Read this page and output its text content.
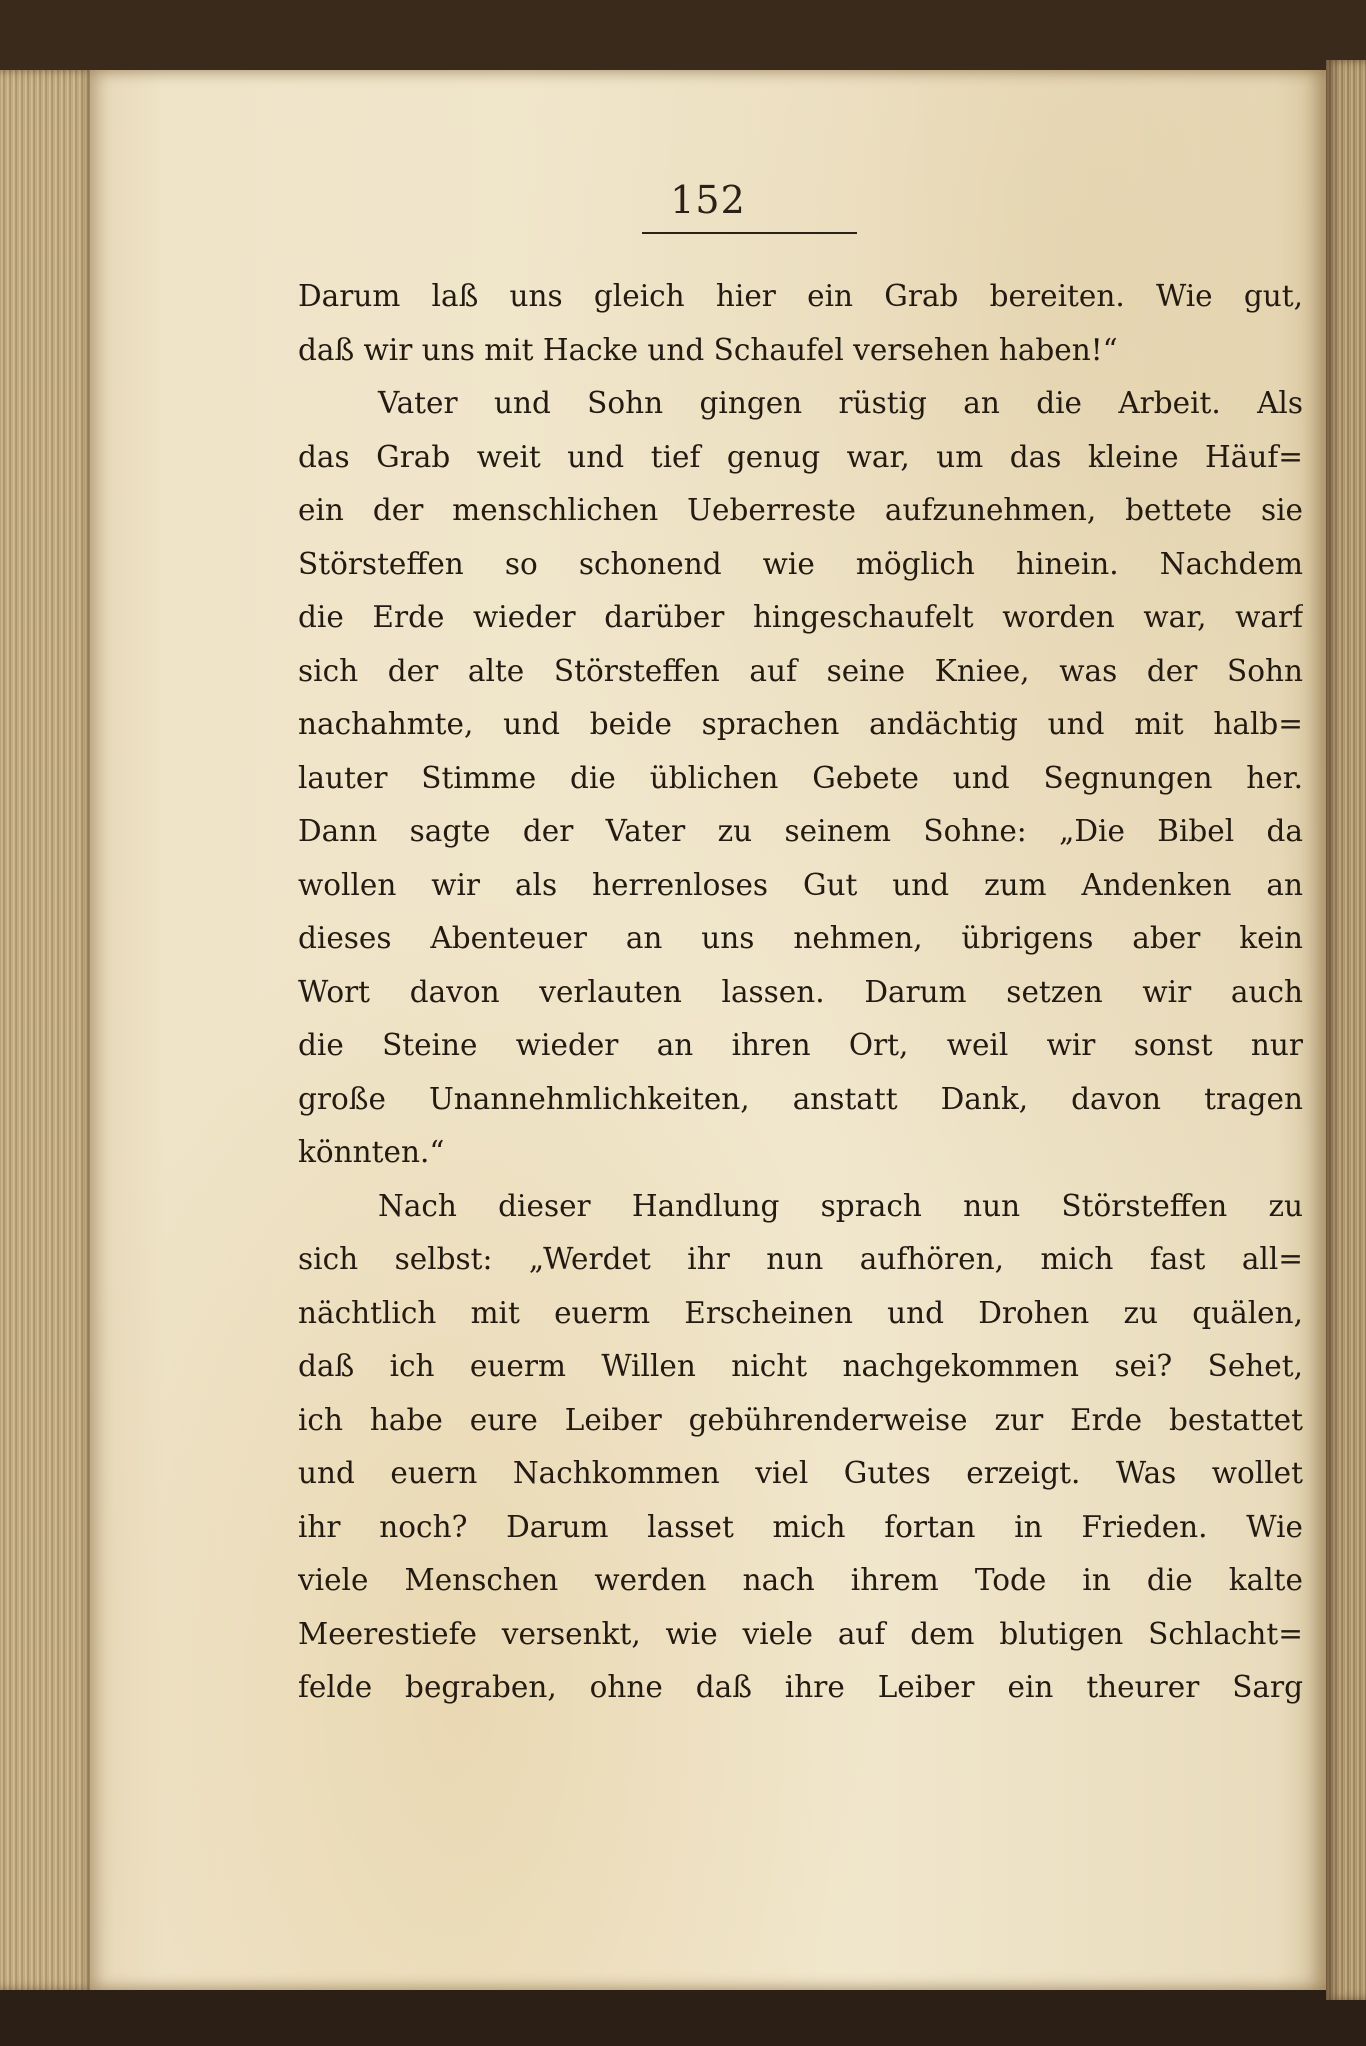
152
Darum laß uns gleich hier ein Grab bereiten. Wie gut,
daß wir uns mit Hacke und Schaufel versehen haben!“
Vater und Sohn gingen rüstig an die Arbeit. Als
das Grab weit und tief genug war, um das kleine Häuf=
ein der menschlichen Ueberreste aufzunehmen, bettete sie
Störsteffen so schonend wie möglich hinein. Nachdem
die Erde wieder darüber hingeschaufelt worden war, warf
sich der alte Störsteffen auf seine Kniee, was der Sohn
nachahmte, und beide sprachen andächtig und mit halb=
lauter Stimme die üblichen Gebete und Segnungen her.
Dann sagte der Vater zu seinem Sohne: „Die Bibel da
wollen wir als herrenloses Gut und zum Andenken an
dieses Abenteuer an uns nehmen, übrigens aber kein
Wort davon verlauten lassen. Darum setzen wir auch
die Steine wieder an ihren Ort, weil wir sonst nur
große Unannehmlichkeiten, anstatt Dank, davon tragen
könnten.“
Nach dieser Handlung sprach nun Störsteffen zu
sich selbst: „Werdet ihr nun aufhören, mich fast all=
nächtlich mit euerm Erscheinen und Drohen zu quälen,
daß ich euerm Willen nicht nachgekommen sei? Sehet,
ich habe eure Leiber gebührenderweise zur Erde bestattet
und euern Nachkommen viel Gutes erzeigt. Was wollet
ihr noch? Darum lasset mich fortan in Frieden. Wie
viele Menschen werden nach ihrem Tode in die kalte
Meerestiefe versenkt, wie viele auf dem blutigen Schlacht=
felde begraben, ohne daß ihre Leiber ein theurer Sarg
